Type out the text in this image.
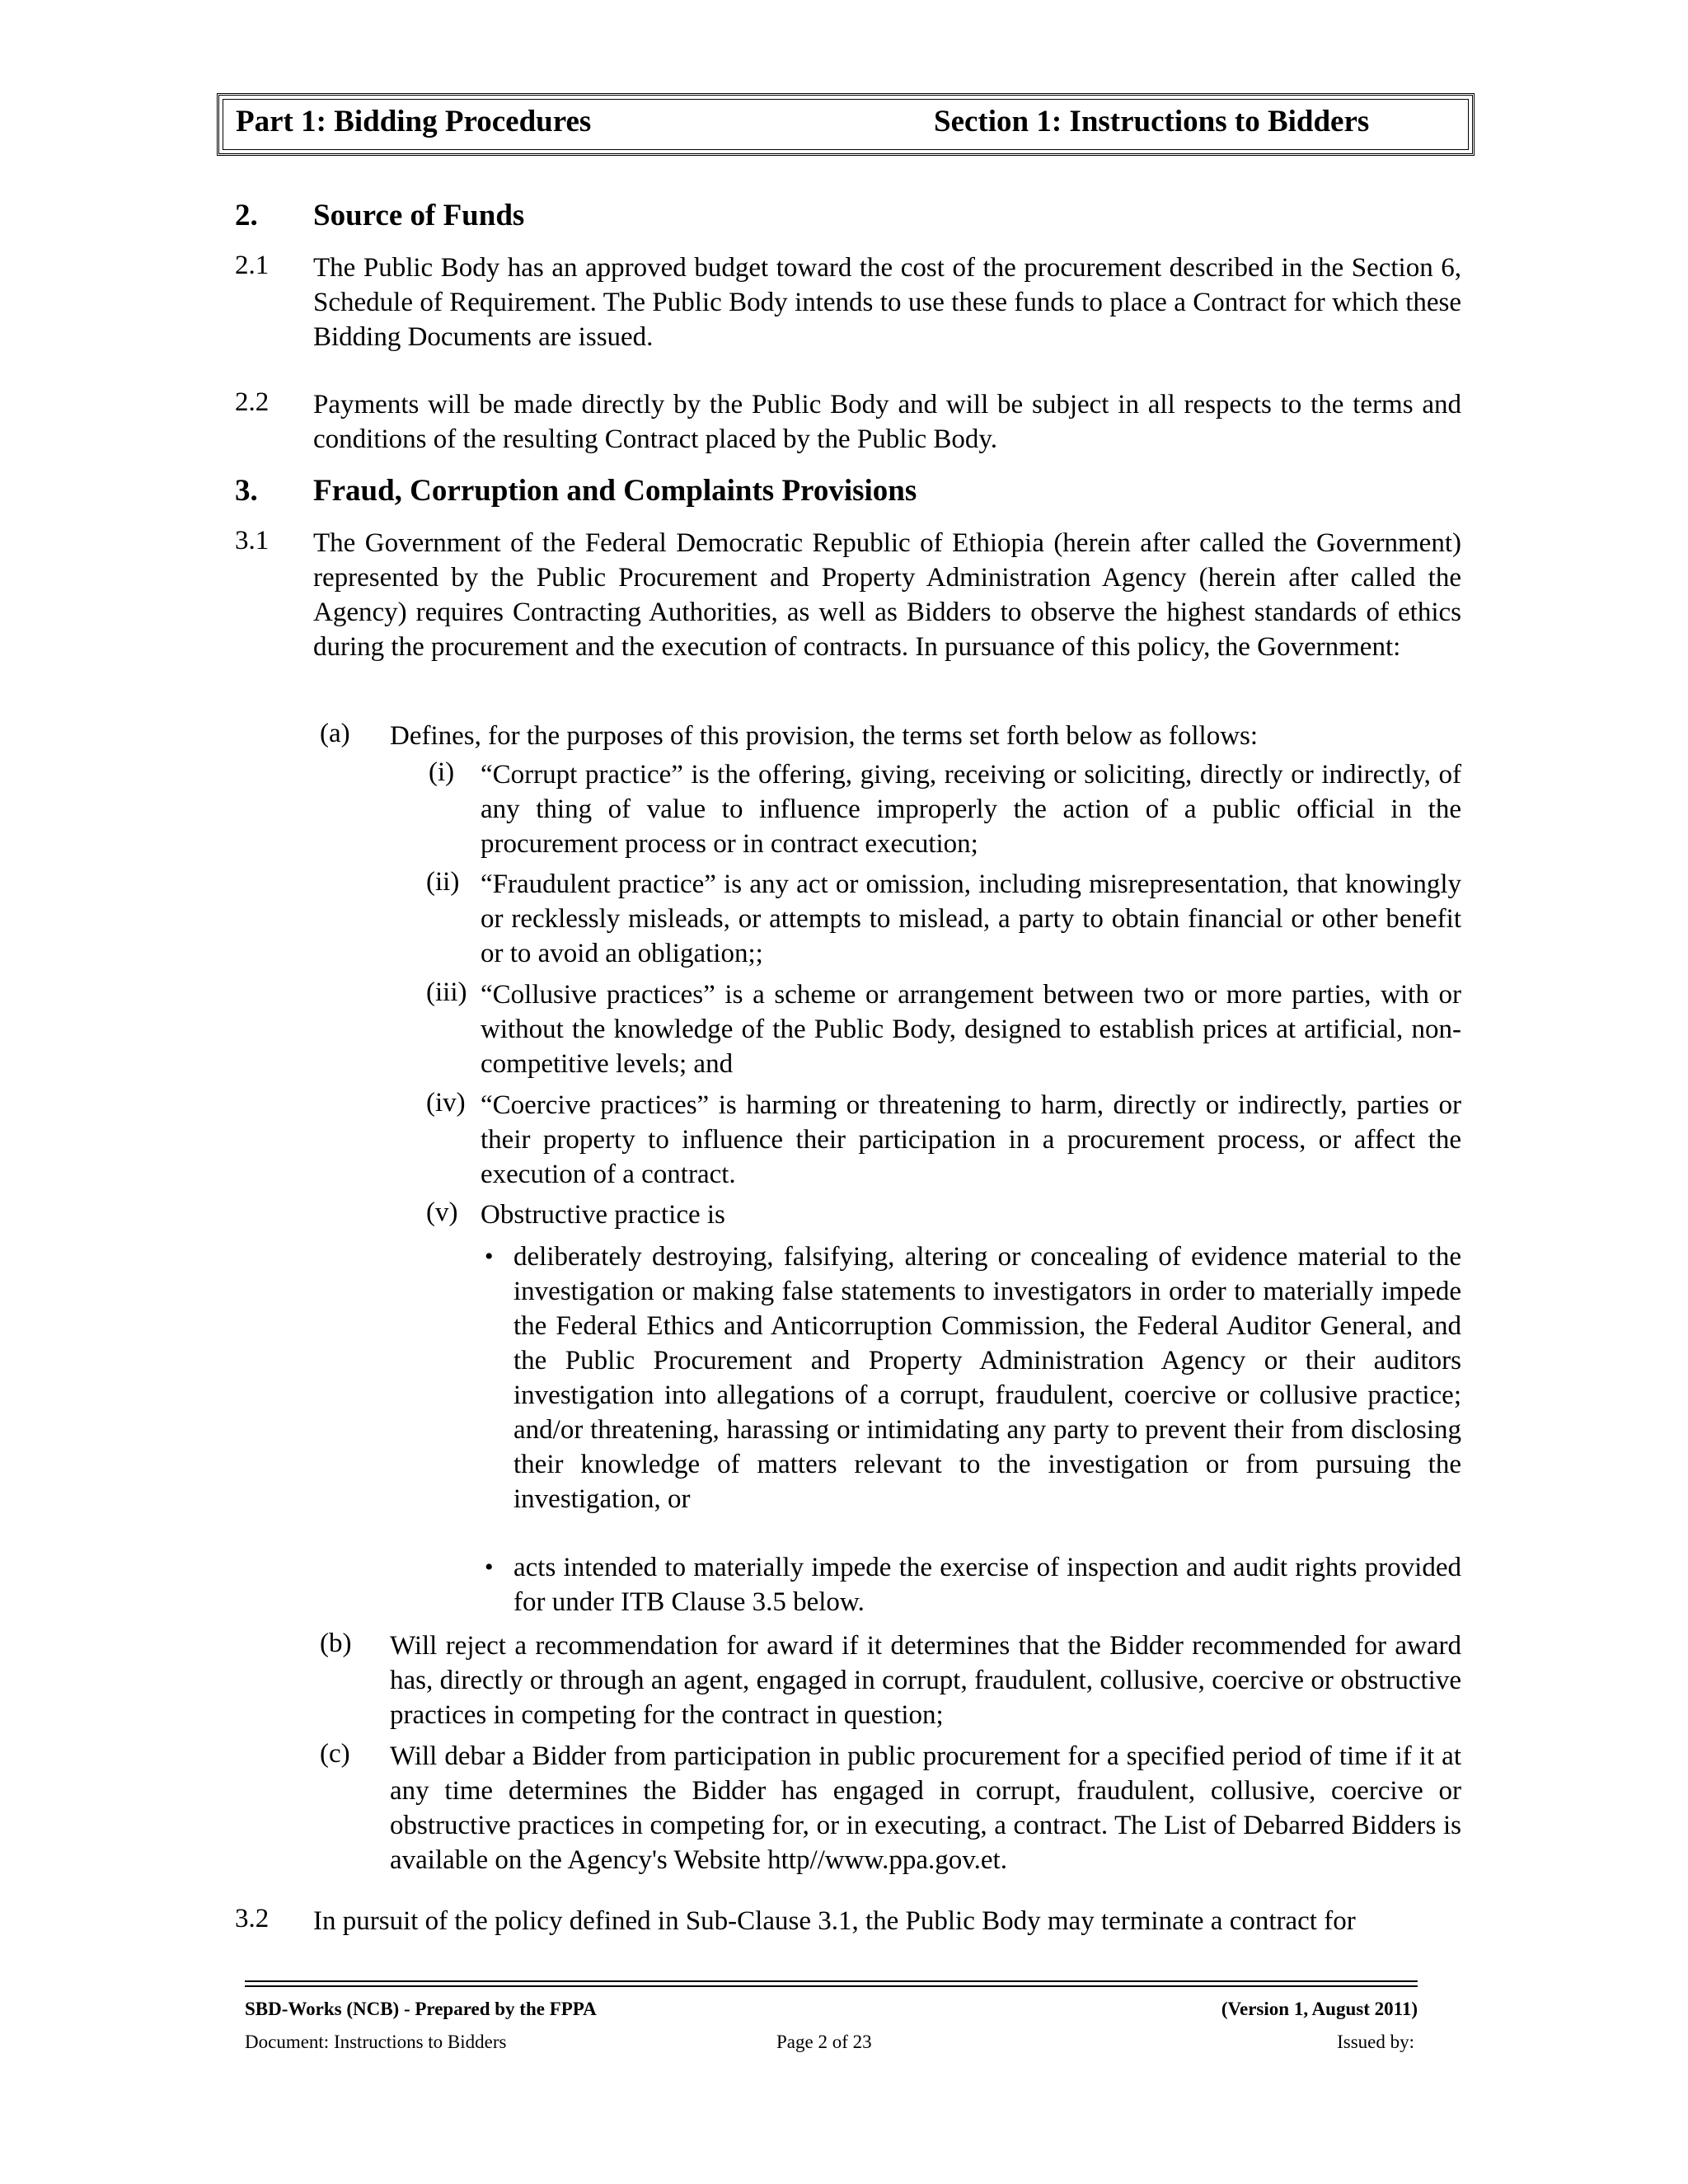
Part 1: Bidding Procedures	Section 1: Instructions to Bidders
2. Source of Funds
2.1 The Public Body has an approved budget toward the cost of the procurement described in the Section 6, Schedule of Requirement. The Public Body intends to use these funds to place a Contract for which these Bidding Documents are issued.
2.2 Payments will be made directly by the Public Body and will be subject in all respects to the terms and conditions of the resulting Contract placed by the Public Body.
3. Fraud, Corruption and Complaints Provisions
3.1 The Government of the Federal Democratic Republic of Ethiopia (herein after called the Government) represented by the Public Procurement and Property Administration Agency (herein after called the Agency) requires Contracting Authorities, as well as Bidders to observe the highest standards of ethics during the procurement and the execution of contracts. In pursuance of this policy, the Government:
(a) Defines, for the purposes of this provision, the terms set forth below as follows:
(i) “Corrupt practice” is the offering, giving, receiving or soliciting, directly or indirectly, of any thing of value to influence improperly the action of a public official in the procurement process or in contract execution;
(ii) “Fraudulent practice” is any act or omission, including misrepresentation, that knowingly or recklessly misleads, or attempts to mislead, a party to obtain financial or other benefit or to avoid an obligation;;
(iii) “Collusive practices” is a scheme or arrangement between two or more parties, with or without the knowledge of the Public Body, designed to establish prices at artificial, non-competitive levels; and
(iv) “Coercive practices” is harming or threatening to harm, directly or indirectly, parties or their property to influence their participation in a procurement process, or affect the execution of a contract.
(v) Obstructive practice is
• deliberately destroying, falsifying, altering or concealing of evidence material to the investigation or making false statements to investigators in order to materially impede the Federal Ethics and Anticorruption Commission, the Federal Auditor General, and the Public Procurement and Property Administration Agency or their auditors investigation into allegations of a corrupt, fraudulent, coercive or collusive practice; and/or threatening, harassing or intimidating any party to prevent their from disclosing their knowledge of matters relevant to the investigation or from pursuing the investigation, or
• acts intended to materially impede the exercise of inspection and audit rights provided for under ITB Clause 3.5 below.
(b) Will reject a recommendation for award if it determines that the Bidder recommended for award has, directly or through an agent, engaged in corrupt, fraudulent, collusive, coercive or obstructive practices in competing for the contract in question;
(c) Will debar a Bidder from participation in public procurement for a specified period of time if it at any time determines the Bidder has engaged in corrupt, fraudulent, collusive, coercive or obstructive practices in competing for, or in executing, a contract. The List of Debarred Bidders is available on the Agency's Website http//www.ppa.gov.et.
3.2 In pursuit of the policy defined in Sub-Clause 3.1, the Public Body may terminate a contract for
SBD-Works (NCB) - Prepared by the FPPA	(Version 1, August 2011)
Document: Instructions to Bidders	Page 2 of 23	Issued by:
